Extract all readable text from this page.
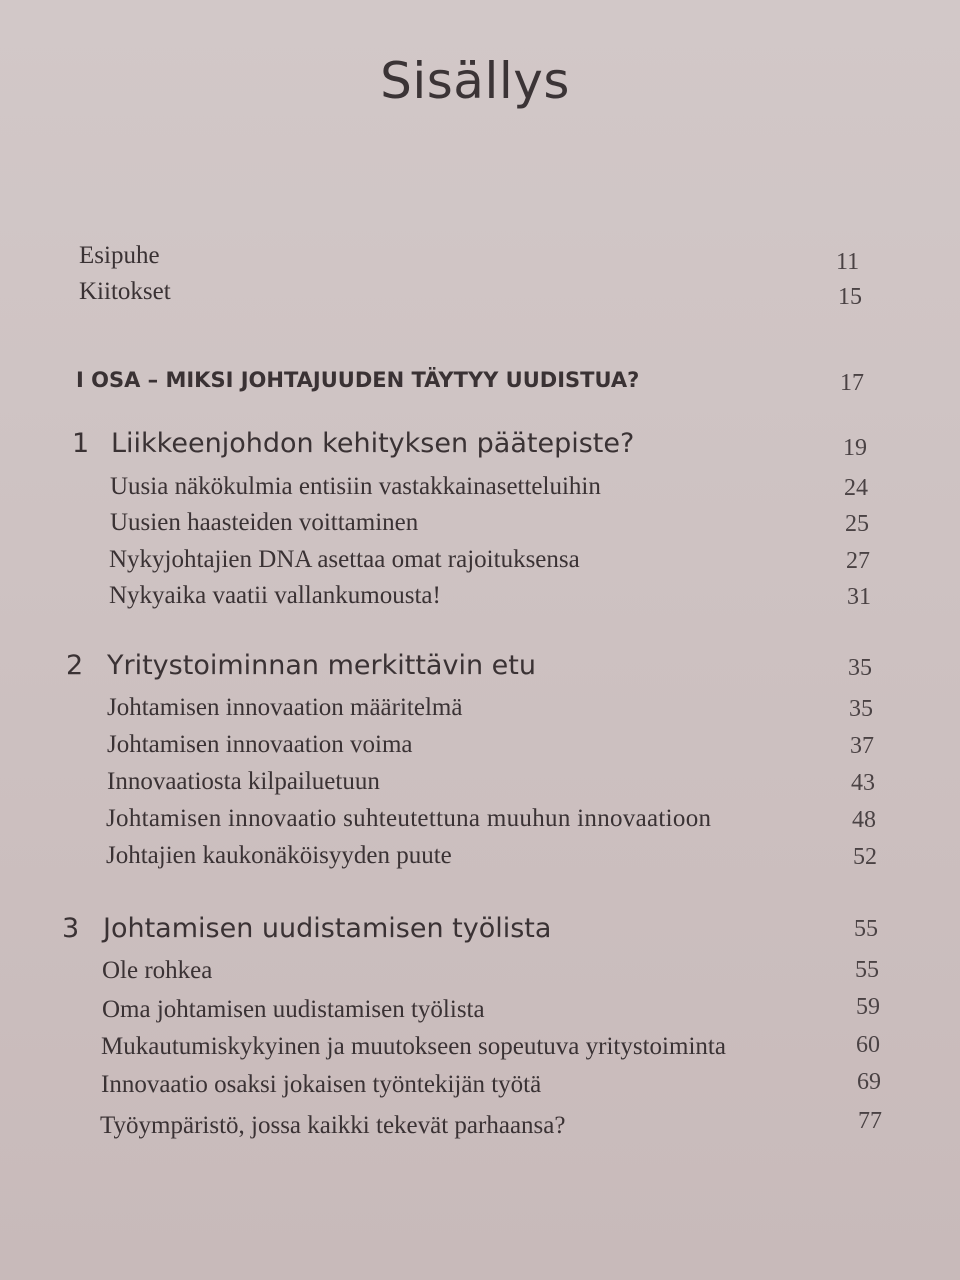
Sisällys
Esipuhe	11
Kiitokset	15
I OSA – MIKSI JOHTAJUUDEN TÄYTYY UUDISTUA?	17
1 Liikkeenjohdon kehityksen päätepiste?	19
Uusia näkökulmia entisiin vastakkainasetteluihin	24
Uusien haasteiden voittaminen	25
Nykyjohtajien DNA asettaa omat rajoituksensa	27
Nykyaika vaatii vallankumousta!	31
2 Yritystoiminnan merkittävin etu	35
Johtamisen innovaation määritelmä	35
Johtamisen innovaation voima	37
Innovaatiosta kilpailuetuun	43
Johtamisen innovaatio suhteutettuna muuhun innovaatioon	48
Johtajien kaukonäköisyyden puute	52
3 Johtamisen uudistamisen työlista	55
Ole rohkea	55
Oma johtamisen uudistamisen työlista	59
Mukautumiskykyinen ja muutokseen sopeutuva yritystoiminta	60
Innovaatio osaksi jokaisen työntekijän työtä	69
Työympäristö, jossa kaikki tekevät parhaansa?	77
